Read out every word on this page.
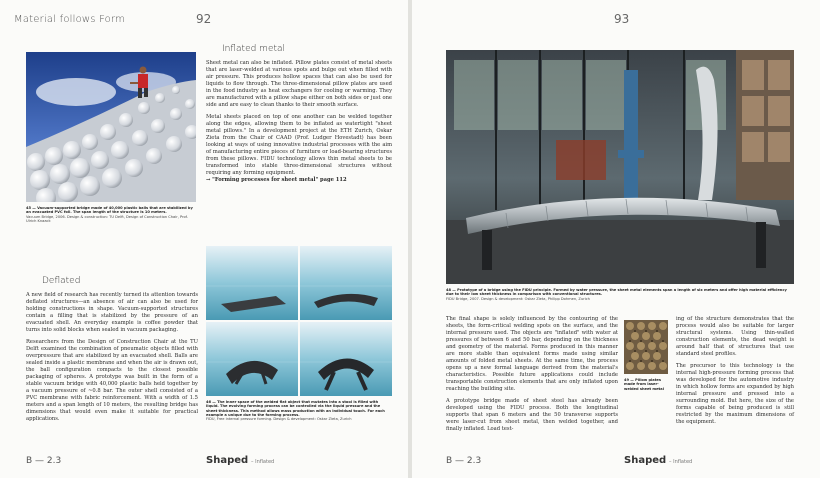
Material follows Form	92
45 — Vacuum-supported bridge made of 40,000 plastic balls that are stabilized by an evacuated PVC foil. The span length of the structure is 10 meters.
Vacuum Bridge, 2006. Design & construction: TU Delft, Design of Construction Chair, Prof. Ulrich Knaack
Inflated metal

Sheet metal can also be inflated. Pillow plates consist of metal sheets that are laser-welded at various spots and bulge out when filled with air pressure. This produces hollow spaces that can also be used for liquids to flow through. The three-dimensional pillow plates are used in the food industry as heat exchangers for cooling or warming. They are manufactured with a pillow shape either on both sides or just one side and are easy to clean thanks to their smooth surface.

Metal sheets placed on top of one another can be welded together along the edges, allowing them to be inflated as watertight "sheet metal pillows." In a development project at the ETH Zurich, Oskar Zieta from the Chair of CAAD (Prof. Ludger Hovestadt) has been looking at ways of using innovative industrial processes with the aim of manufacturing entire pieces of furniture or load-bearing structures from these pillows. FIDU technology allows thin metal sheets to be transformed into stable three-dimensional structures without requiring any forming equipment.
→ "Forming processes for sheet metal" page 112

Deflated

A new field of research has recently turned its attention towards deflated structures—an absence of air can also be used for holding constructions in shape. Vacuum-supported structures contain a filling that is stabilized by the pressure of an evacuated shell. An everyday example is coffee powder that turns into solid blocks when sealed in vacuum packaging.

Researchers from the Design of Construction Chair at the TU Delft examined the combination of pneumatic objects filled with overpressure that are stabilized by an evacuated shell. Balls are sealed inside a plastic membrane and when the air is drawn out, the ball configuration compacts to the closest possible packaging of spheres. A prototype was built in the form of a stable vacuum bridge with 40,000 plastic balls held together by a vacuum pressure of ~0.8 bar. The outer shell consisted of a PVC membrane with fabric reinforcement. With a width of 1.5 meters and a span length of 10 meters, the resulting bridge has dimensions that would even make it suitable for practical applications.

46 — The inner space of the welded flat object that mutates into a stool is filled with liquid. The evolving forming process can be controlled via the liquid pressure and the sheet thickness. This method allows mass production with an individual touch. For each example a unique due to the forming process.
FIDU, Free internal pressure forming. Design & development: Oskar Zieta, Zurich
B — 2.3	Shaped – Inflated
93
48 — Prototype of a bridge using the FIDU principle. Formed by water pressure, the sheet metal elements span a length of six meters and offer high material efficiency due to their low sheet thickness in comparison with conventional structures.
FIDU Bridge, 2007. Design & development: Oskar Zieta, Philipp Dohmen, Zurich

The final shape is solely influenced by the contouring of the sheets, the form-critical welding spots on the surface, and the internal pressure used. The objects are "inflated" with water at pressures of between 6 and 50 bar, depending on the thickness and geometry of the material. Forms produced in this manner are more stable than equivalent forms made using similar amounts of folded metal sheets. At the same time, the process opens up a new formal language derived from the material's characteristics. Possible future applications could include transportable construction elements that are only inflated upon reaching the building site.

A prototype bridge made of sheet steel has already been developed using the FIDU process. Both the longitudinal supports that span 6 meters and the 50 transverse supports were laser-cut from sheet metal, then welded together, and finally inflated. Load test-

49 — Pillow plates made from laser-welded sheet metal

ing of the structure demonstrates that the process would also be suitable for larger structural systems. Using thin-walled construction elements, the dead weight is around half that of structures that use standard steel profiles.

The precursor to this technology is the internal high-pressure forming process that was developed for the automotive industry in which hollow forms are expanded by high internal pressure and pressed into a surrounding mold. But here, the size of the forms capable of being produced is still restricted by the maximum dimensions of the equipment.

B — 2.3	Shaped – Inflated
